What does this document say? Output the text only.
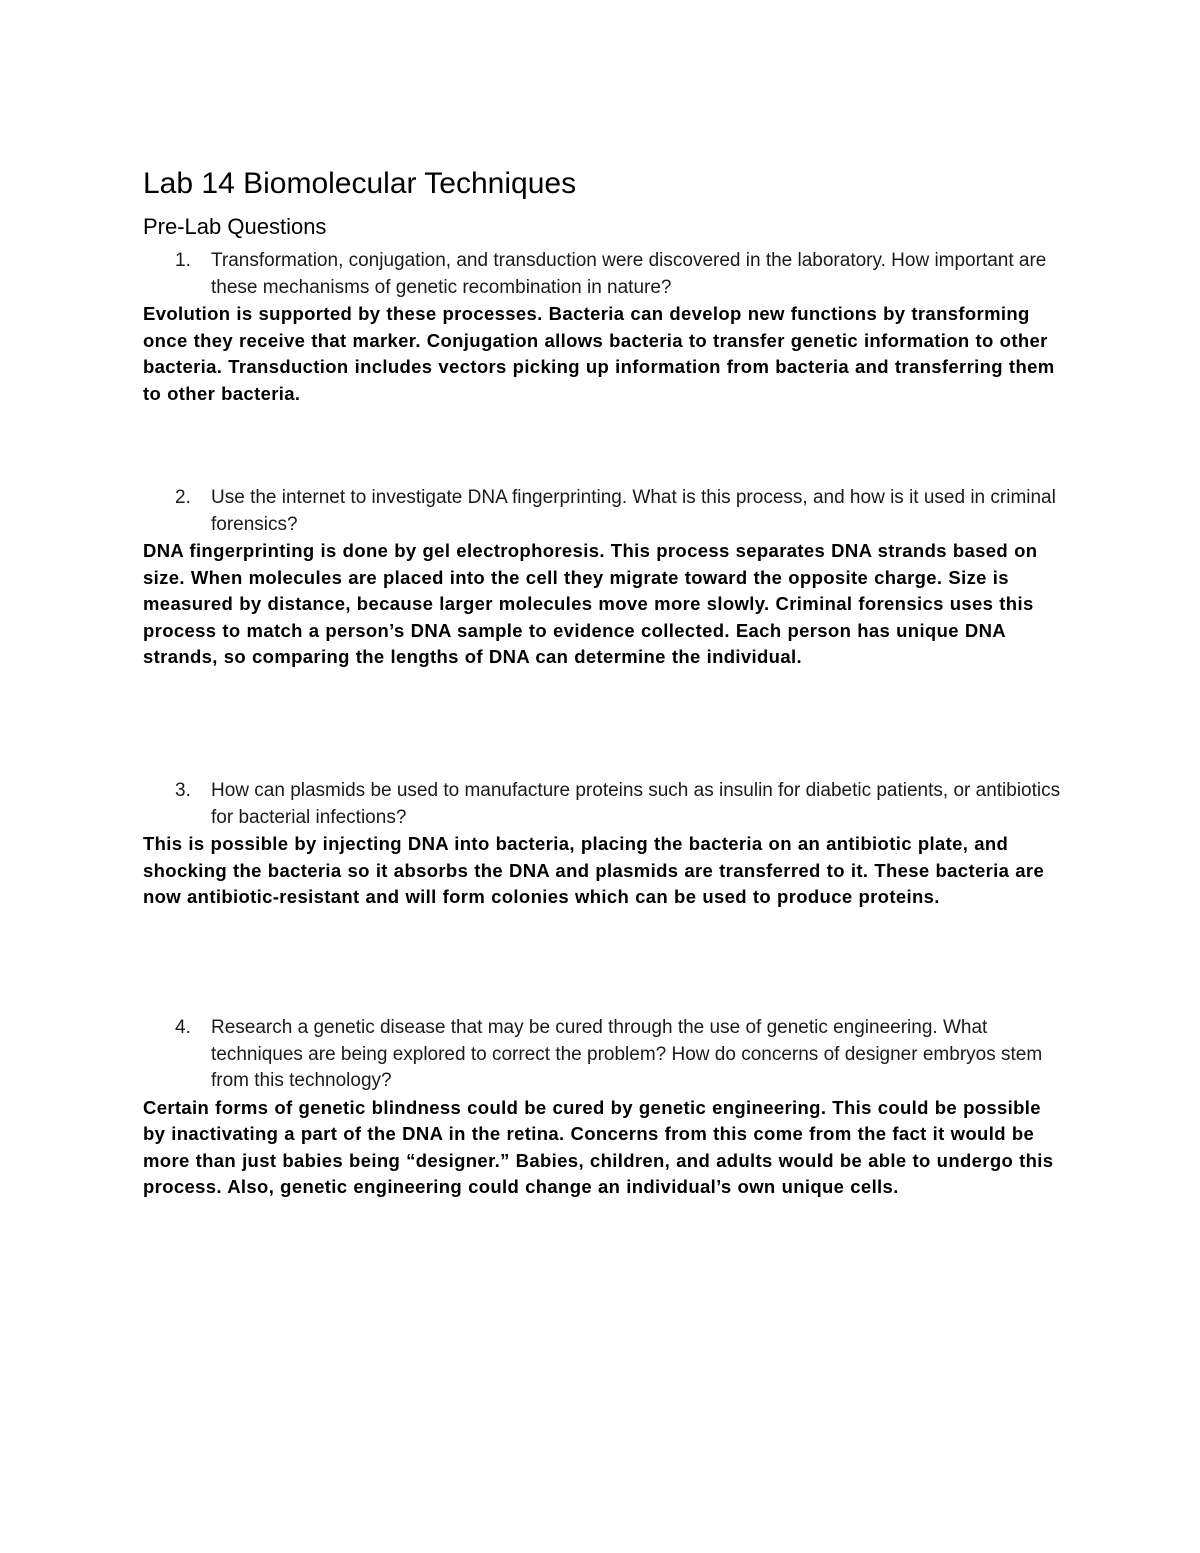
Lab 14 Biomolecular Techniques
Pre-Lab Questions
1. Transformation, conjugation, and transduction were discovered in the laboratory. How important are these mechanisms of genetic recombination in nature?
Evolution is supported by these processes. Bacteria can develop new functions by transforming once they receive that marker. Conjugation allows bacteria to transfer genetic information to other bacteria. Transduction includes vectors picking up information from bacteria and transferring them to other bacteria.
2. Use the internet to investigate DNA fingerprinting. What is this process, and how is it used in criminal forensics?
DNA fingerprinting is done by gel electrophoresis. This process separates DNA strands based on size. When molecules are placed into the cell they migrate toward the opposite charge. Size is measured by distance, because larger molecules move more slowly. Criminal forensics uses this process to match a person’s DNA sample to evidence collected. Each person has unique DNA strands, so comparing the lengths of DNA can determine the individual.
3. How can plasmids be used to manufacture proteins such as insulin for diabetic patients, or antibiotics for bacterial infections?
This is possible by injecting DNA into bacteria, placing the bacteria on an antibiotic plate, and shocking the bacteria so it absorbs the DNA and plasmids are transferred to it. These bacteria are now antibiotic-resistant and will form colonies which can be used to produce proteins.
4. Research a genetic disease that may be cured through the use of genetic engineering. What techniques are being explored to correct the problem? How do concerns of designer embryos stem from this technology?
Certain forms of genetic blindness could be cured by genetic engineering. This could be possible by inactivating a part of the DNA in the retina. Concerns from this come from the fact it would be more than just babies being “designer.” Babies, children, and adults would be able to undergo this process. Also, genetic engineering could change an individual’s own unique cells.
